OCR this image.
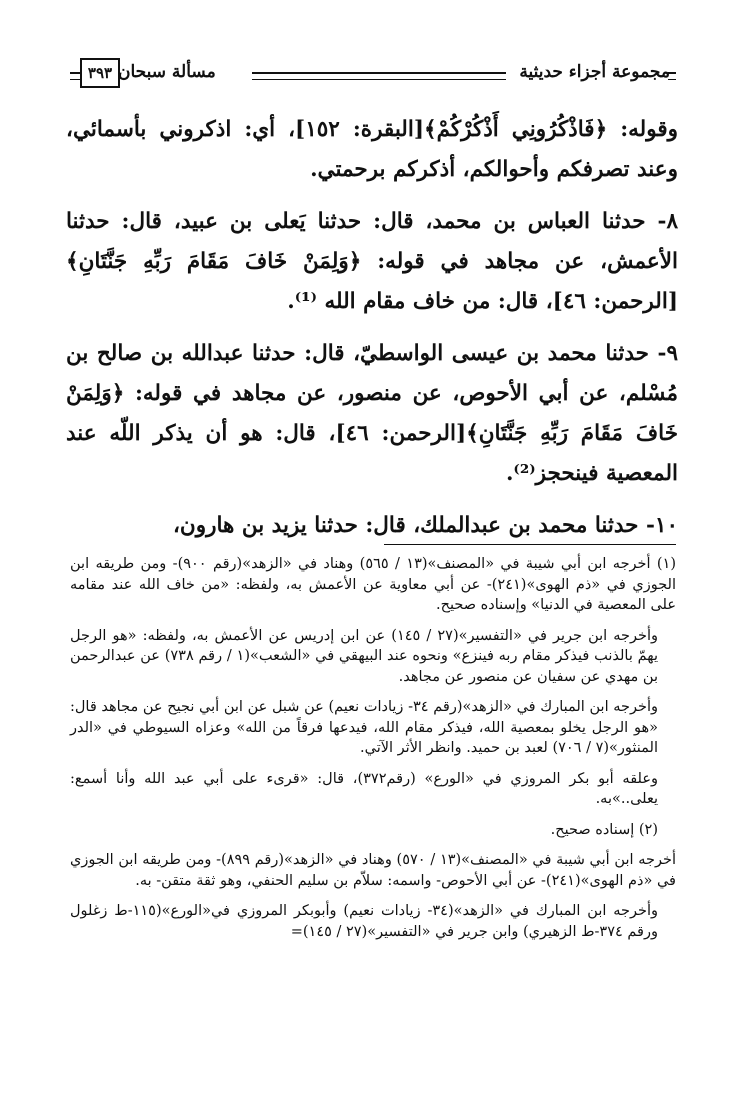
مجموعة أجزاء حديثية
مسألة سبحان
٣٩٣

وقوله: ﴿فَاذْكُرُونِي أَذْكُرْكُمْ﴾[البقرة: ١٥٢]، أي: اذكروني بأسمائي، وعند تصرفكم وأحوالكم، أذكركم برحمتي.

٨- حدثنا العباس بن محمد، قال: حدثنا يَعلى بن عبيد، قال: حدثنا الأعمش، عن مجاهد في قوله: ﴿وَلِمَنْ خَافَ مَقَامَ رَبِّهِ جَنَّتَانِ﴾[الرحمن: ٤٦]، قال: من خاف مقام الله ⁽¹⁾.

٩- حدثنا محمد بن عيسى الواسطيّ، قال: حدثنا عبدالله بن صالح بن مُسْلم، عن أبي الأحوص، عن منصور، عن مجاهد في قوله: ﴿وَلِمَنْ خَافَ مَقَامَ رَبِّهِ جَنَّتَانِ﴾[الرحمن: ٤٦]، قال: هو أن يذكر اللّه عند المعصية فينحجز⁽²⁾.

١٠- حدثنا محمد بن عبدالملك، قال: حدثنا يزيد بن هارون،

(١) أخرجه ابن أبي شيبة في «المصنف»(١٣ / ٥٦٥) وهناد في «الزهد»(رقم ٩٠٠)- ومن طريقه ابن الجوزي في «ذم الهوى»(٢٤١)- عن أبي معاوية عن الأعمش به، ولفظه: «من خاف الله عند مقامه على المعصية في الدنيا» وإسناده صحيح.

وأخرجه ابن جرير في «التفسير»(٢٧ / ١٤٥) عن ابن إدريس عن الأعمش به، ولفظه: «هو الرجل يهمّ بالذنب فيذكر مقام ربه فينزع» ونحوه عند البيهقي في «الشعب»(١ / رقم ٧٣٨) عن عبدالرحمن بن مهدي عن سفيان عن منصور عن مجاهد.

وأخرجه ابن المبارك في «الزهد»(رقم ٣٤- زيادات نعيم) عن شبل عن ابن أبي نجيح عن مجاهد قال: «هو الرجل يخلو بمعصية الله، فيذكر مقام الله، فيدعها فرقاً من الله» وعزاه السيوطي في «الدر المنثور»(٧ / ٧٠٦) لعبد بن حميد. وانظر الأثر الآتي.

وعلقه أبو بكر المروزي في «الورع» (رقم٣٧٢)، قال: «قرىء على أبي عبد الله وأنا أسمع: يعلى..»به.

(٢) إسناده صحيح.

أخرجه ابن أبي شيبة في «المصنف»(١٣ / ٥٧٠) وهناد في «الزهد»(رقم ٨٩٩)- ومن طريقه ابن الجوزي في «ذم الهوى»(٢٤١)- عن أبي الأحوص- واسمه: سلاّم بن سليم الحنفي، وهو ثقة متقن- به.

وأخرجه ابن المبارك في «الزهد»(٣٤- زيادات نعيم) وأبوبكر المروزي في«الورع»(١١٥-ط زغلول ورقم ٣٧٤-ط الزهيري) وابن جرير في «التفسير»(٢٧ / ١٤٥)=
